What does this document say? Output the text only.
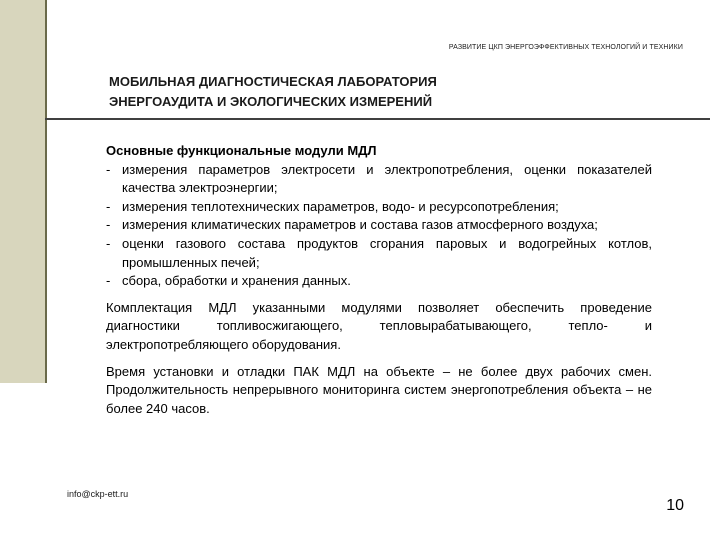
РАЗВИТИЕ ЦКП ЭНЕРГОЭФФЕКТИВНЫХ ТЕХНОЛОГИЙ И ТЕХНИКИ
МОБИЛЬНАЯ ДИАГНОСТИЧЕСКАЯ ЛАБОРАТОРИЯ
ЭНЕРГОАУДИТА И ЭКОЛОГИЧЕСКИХ ИЗМЕРЕНИЙ

Основные функциональные модули МДЛ

- измерения параметров электросети и электропотребления, оценки показателей качества электроэнергии;
- измерения теплотехнических параметров, водо- и ресурсопотребления;
- измерения климатических параметров и состава газов атмосферного воздуха;
- оценки газового состава продуктов сгорания паровых и водогрейных котлов, промышленных печей;
- сбора, обработки и хранения данных.

Комплектация МДЛ указанными модулями позволяет обеспечить проведение диагностики топливосжигающего, тепловырабатывающего, тепло- и электропотребляющего оборудования.

Время установки и отладки ПАК МДЛ на объекте – не более двух рабочих смен. Продолжительность непрерывного мониторинга систем энергопотребления объекта – не более 240 часов.

info@ckp-ett.ru
10
